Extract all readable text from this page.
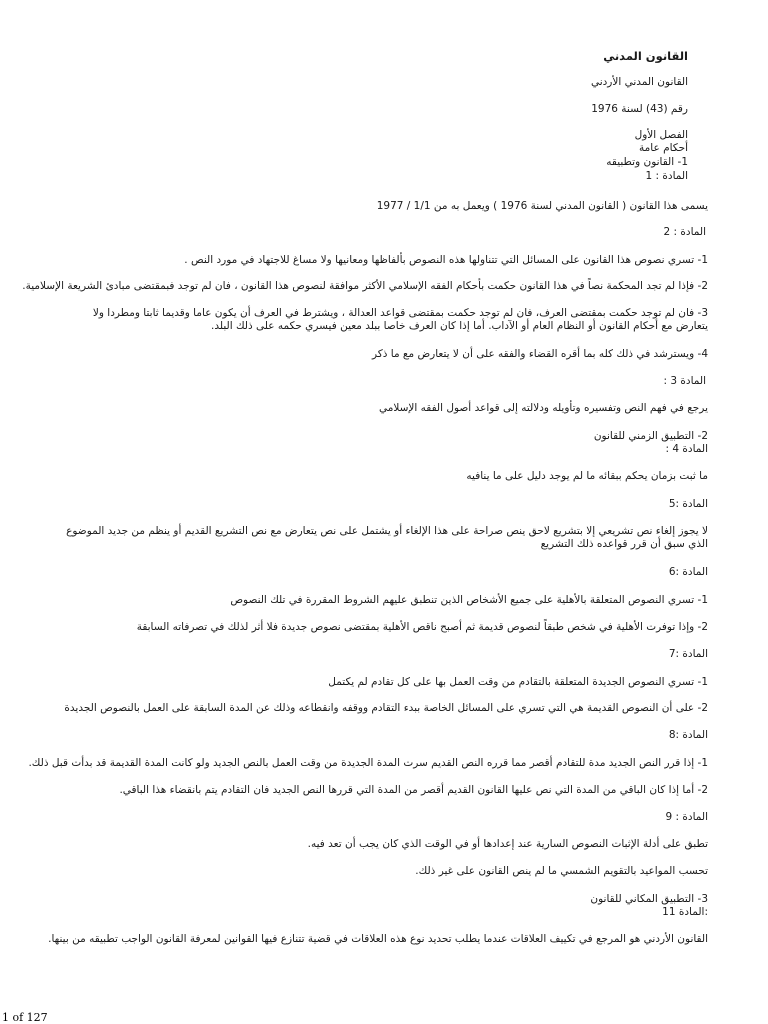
القانون المدني
القانون المدني الأردني
رقم (43) لسنة 1976
الفصل الأول
أحكام عامة
1- القانون وتطبيقه
المادة : 1
يسمى هذا القانون ( القانون المدني لسنة 1976 ) ويعمل به من 1/1 / 1977
المادة : 2
1- تسري نصوص هذا القانون على المسائل التي تتناولها هذه النصوص بألفاظها ومعانيها ولا مساغ للاجتهاد في مورد النص .
2- فإذا لم تجد المحكمة نصاً في هذا القانون حكمت بأحكام الفقه الإسلامي الأكثر موافقة لنصوص هذا القانون ، فان لم توجد فبمقتضى مبادئ الشريعة الإسلامية.
3- فان لم توجد حكمت بمقتضى العرف، فان لم توجد حكمت بمقتضى قواعد العدالة ، ويشترط في العرف أن يكون عاما وقديما ثابتا ومطردا ولا يتعارض مع أحكام القانون أو النظام العام أو الآداب. أما إذا كان العرف خاصا ببلد معين فيسري حكمه على ذلك البلد.
4- ويسترشد في ذلك كله بما أقره القضاء والفقه على أن لا يتعارض مع ما ذكر
المادة 3 :
يرجع في فهم النص وتفسيره وتأويله ودلالته إلى قواعد أصول الفقه الإسلامي
2- التطبيق الزمني للقانون
المادة 4 :
ما ثبت بزمان يحكم ببقائه ما لم يوجد دليل على ما ينافيه
المادة :5
لا يجوز إلغاء نص تشريعي إلا بتشريع لاحق ينص صراحة على هذا الإلغاء أو يشتمل على نص يتعارض مع نص التشريع القديم أو ينظم من جديد الموضوع الذي سبق أن قرر قواعده ذلك التشريع
المادة :6
1- تسري النصوص المتعلقة بالأهلية على جميع الأشخاص الذين تنطبق عليهم الشروط المقررة في تلك النصوص
2- وإذا توفرت الأهلية في شخص طبقاً لنصوص قديمة ثم أصبح ناقص الأهلية بمقتضى نصوص جديدة فلا أثر لذلك في تصرفاته السابقة
المادة :7
1- تسري النصوص الجديدة المتعلقة بالتقادم من وقت العمل بها على كل تقادم لم يكتمل
2- على أن النصوص القديمة هي التي تسري على المسائل الخاصة ببدء التقادم ووقفه وانقطاعه وذلك عن المدة السابقة على العمل بالنصوص الجديدة
المادة :8
1- إذا قرر النص الجديد مدة للتقادم أقصر مما قرره النص القديم سرت المدة الجديدة من وقت العمل بالنص الجديد ولو كانت المدة القديمة قد بدأت قبل ذلك.
2- أما إذا كان الباقي من المدة التي نص عليها القانون القديم أقصر من المدة التي قررها النص الجديد فان التقادم يتم بانقضاء هذا الباقي.
المادة : 9
تطبق على أدلة الإثبات النصوص السارية عند إعدادها أو في الوقت الذي كان يجب أن تعد فيه.
تحسب المواعيد بالتقويم الشمسي ما لم ينص القانون على غير ذلك.
3- التطبيق المكاني للقانون
:المادة 11
القانون الأردني هو المرجع في تكييف العلاقات عندما يطلب تحديد نوع هذه العلاقات في قضية تتنازع فيها القوانين لمعرفة القانون الواجب تطبيقه من بينها.
1 of 127
